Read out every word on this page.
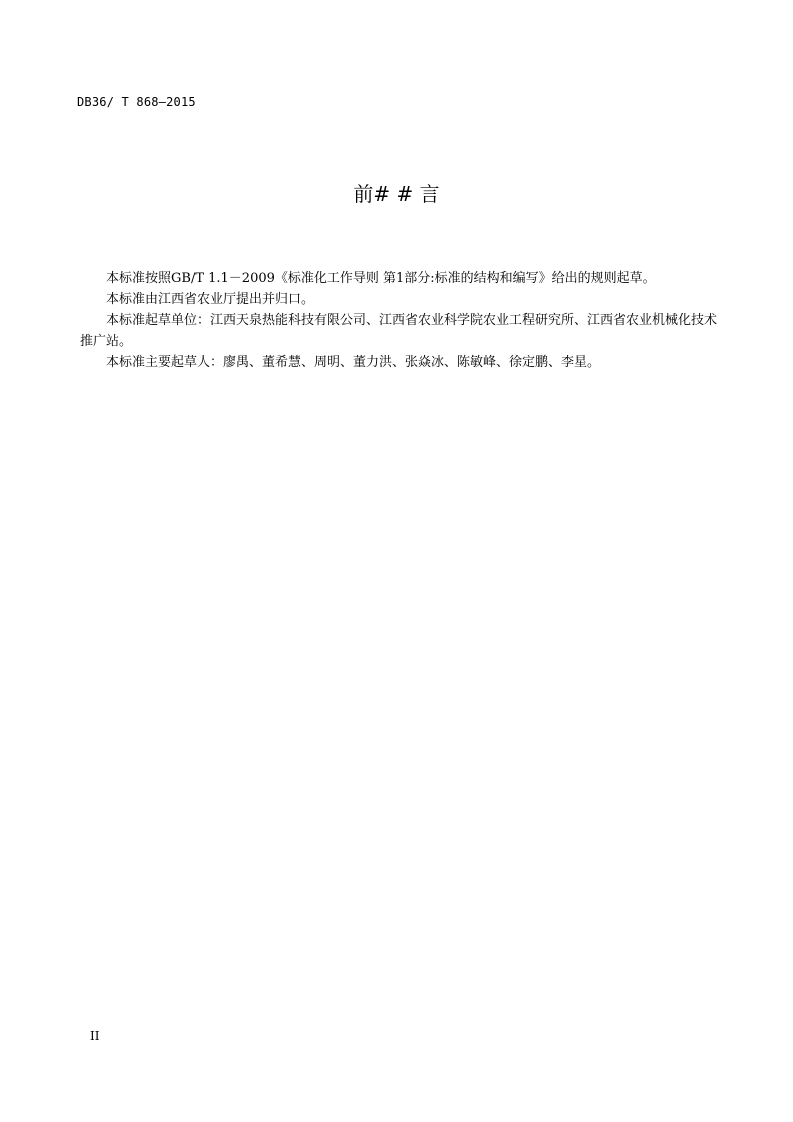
DB36/ T 868—2015
前# # 言

本标准按照GB/T 1.1－2009《标准化工作导则 第1部分:标准的结构和编写》给出的规则起草。

本标准由江西省农业厅提出并归口。

本标准起草单位：江西天泉热能科技有限公司、江西省农业科学院农业工程研究所、江西省农业机械化技术推广站。

本标准主要起草人：廖禺、董希慧、周明、董力洪、张焱冰、陈敏峰、徐定鹏、李星。

II
